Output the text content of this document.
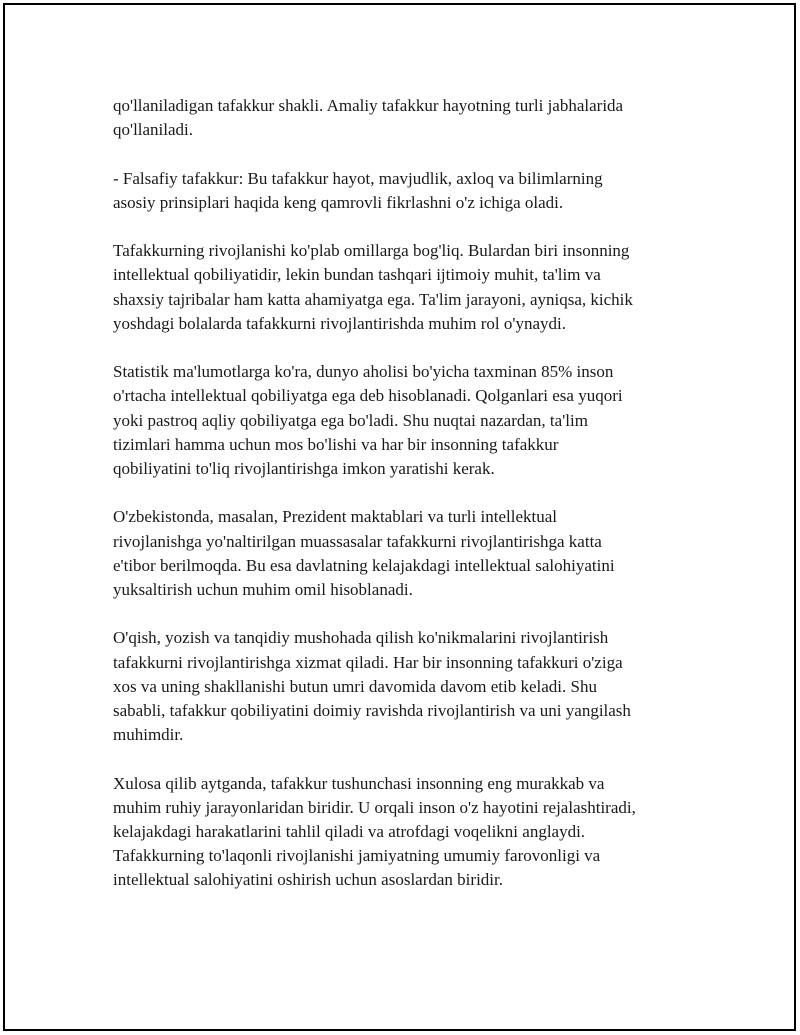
qo'llaniladigan tafakkur shakli. Amaliy tafakkur hayotning turli jabhalarida
qo'llaniladi.

- Falsafiy tafakkur: Bu tafakkur hayot, mavjudlik, axloq va bilimlarning
asosiy prinsiplari haqida keng qamrovli fikrlashni o'z ichiga oladi.

Tafakkurning rivojlanishi ko'plab omillarga bog'liq. Bulardan biri insonning
intellektual qobiliyatidir, lekin bundan tashqari ijtimoiy muhit, ta'lim va
shaxsiy tajribalar ham katta ahamiyatga ega. Ta'lim jarayoni, ayniqsa, kichik
yoshdagi bolalarda tafakkurni rivojlantirishda muhim rol o'ynaydi.

Statistik ma'lumotlarga ko'ra, dunyo aholisi bo'yicha taxminan 85% inson
o'rtacha intellektual qobiliyatga ega deb hisoblanadi. Qolganlari esa yuqori
yoki pastroq aqliy qobiliyatga ega bo'ladi. Shu nuqtai nazardan, ta'lim
tizimlari hamma uchun mos bo'lishi va har bir insonning tafakkur
qobiliyatini to'liq rivojlantirishga imkon yaratishi kerak.

O'zbekistonda, masalan, Prezident maktablari va turli intellektual
rivojlanishga yo'naltirilgan muassasalar tafakkurni rivojlantirishga katta
e'tibor berilmoqda. Bu esa davlatning kelajakdagi intellektual salohiyatini
yuksaltirish uchun muhim omil hisoblanadi.

O'qish, yozish va tanqidiy mushohada qilish ko'nikmalarini rivojlantirish
tafakkurni rivojlantirishga xizmat qiladi. Har bir insonning tafakkuri o'ziga
xos va uning shakllanishi butun umri davomida davom etib keladi. Shu
sababli, tafakkur qobiliyatini doimiy ravishda rivojlantirish va uni yangilash
muhimdir.

Xulosa qilib aytganda, tafakkur tushunchasi insonning eng murakkab va
muhim ruhiy jarayonlaridan biridir. U orqali inson o'z hayotini rejalashtiradi,
kelajakdagi harakatlarini tahlil qiladi va atrofdagi voqelikni anglaydi.
Tafakkurning to'laqonli rivojlanishi jamiyatning umumiy farovonligi va
intellektual salohiyatini oshirish uchun asoslardan biridir.
